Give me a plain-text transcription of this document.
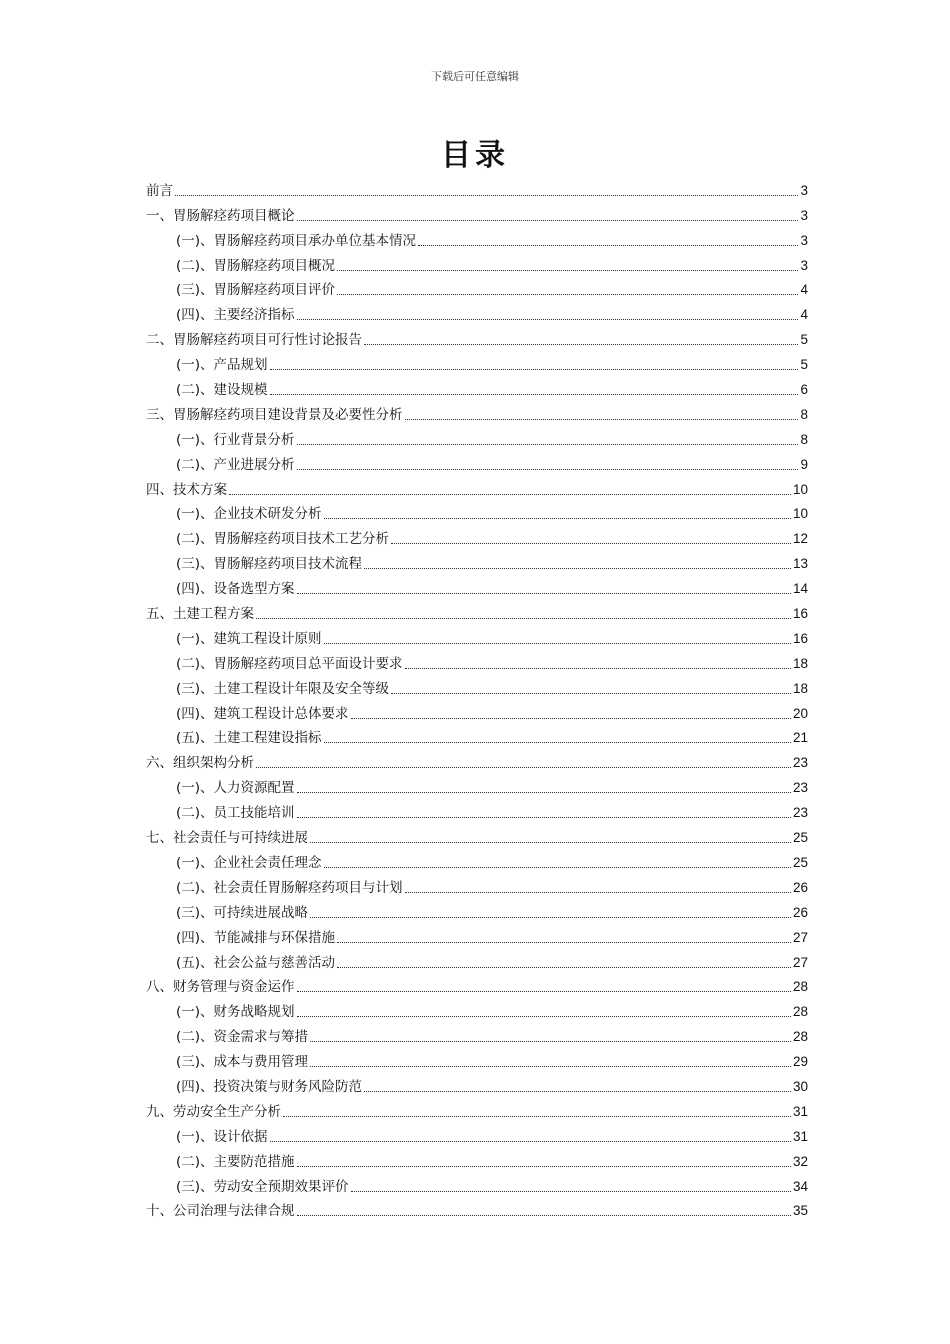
下载后可任意编辑
目录
前言	3
一、胃肠解痉药项目概论	3
(一)、胃肠解痉药项目承办单位基本情况	3
(二)、胃肠解痉药项目概况	3
(三)、胃肠解痉药项目评价	4
(四)、主要经济指标	4
二、胃肠解痉药项目可行性讨论报告	5
(一)、产品规划	5
(二)、建设规模	6
三、胃肠解痉药项目建设背景及必要性分析	8
(一)、行业背景分析	8
(二)、产业进展分析	9
四、技术方案	10
(一)、企业技术研发分析	10
(二)、胃肠解痉药项目技术工艺分析	12
(三)、胃肠解痉药项目技术流程	13
(四)、设备选型方案	14
五、土建工程方案	16
(一)、建筑工程设计原则	16
(二)、胃肠解痉药项目总平面设计要求	18
(三)、土建工程设计年限及安全等级	18
(四)、建筑工程设计总体要求	20
(五)、土建工程建设指标	21
六、组织架构分析	23
(一)、人力资源配置	23
(二)、员工技能培训	23
七、社会责任与可持续进展	25
(一)、企业社会责任理念	25
(二)、社会责任胃肠解痉药项目与计划	26
(三)、可持续进展战略	26
(四)、节能减排与环保措施	27
(五)、社会公益与慈善活动	27
八、财务管理与资金运作	28
(一)、财务战略规划	28
(二)、资金需求与筹措	28
(三)、成本与费用管理	29
(四)、投资决策与财务风险防范	30
九、劳动安全生产分析	31
(一)、设计依据	31
(二)、主要防范措施	32
(三)、劳动安全预期效果评价	34
十、公司治理与法律合规	35
